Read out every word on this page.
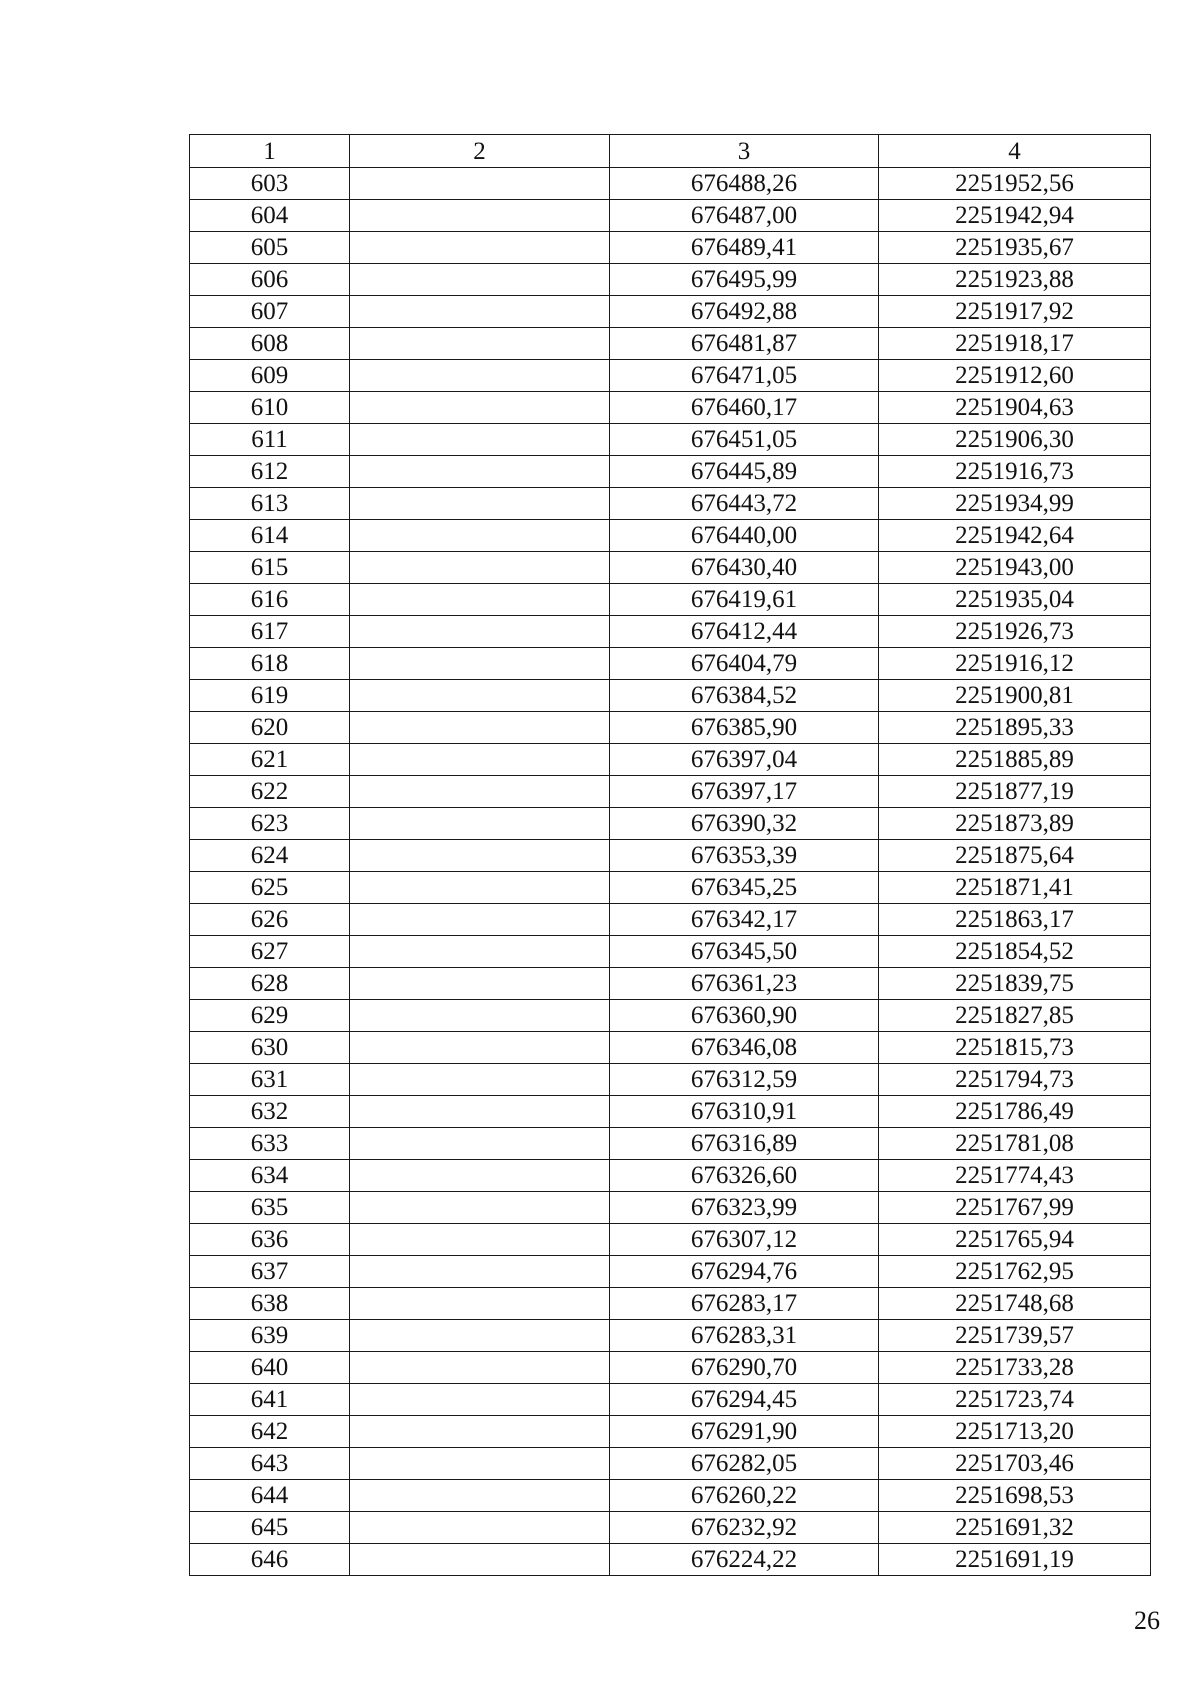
1	2	3	4
603		676488,26	2251952,56
604		676487,00	2251942,94
605		676489,41	2251935,67
606		676495,99	2251923,88
607		676492,88	2251917,92
608		676481,87	2251918,17
609		676471,05	2251912,60
610		676460,17	2251904,63
611		676451,05	2251906,30
612		676445,89	2251916,73
613		676443,72	2251934,99
614		676440,00	2251942,64
615		676430,40	2251943,00
616		676419,61	2251935,04
617		676412,44	2251926,73
618		676404,79	2251916,12
619		676384,52	2251900,81
620		676385,90	2251895,33
621		676397,04	2251885,89
622		676397,17	2251877,19
623		676390,32	2251873,89
624		676353,39	2251875,64
625		676345,25	2251871,41
626		676342,17	2251863,17
627		676345,50	2251854,52
628		676361,23	2251839,75
629		676360,90	2251827,85
630		676346,08	2251815,73
631		676312,59	2251794,73
632		676310,91	2251786,49
633		676316,89	2251781,08
634		676326,60	2251774,43
635		676323,99	2251767,99
636		676307,12	2251765,94
637		676294,76	2251762,95
638		676283,17	2251748,68
639		676283,31	2251739,57
640		676290,70	2251733,28
641		676294,45	2251723,74
642		676291,90	2251713,20
643		676282,05	2251703,46
644		676260,22	2251698,53
645		676232,92	2251691,32
646		676224,22	2251691,19
26
